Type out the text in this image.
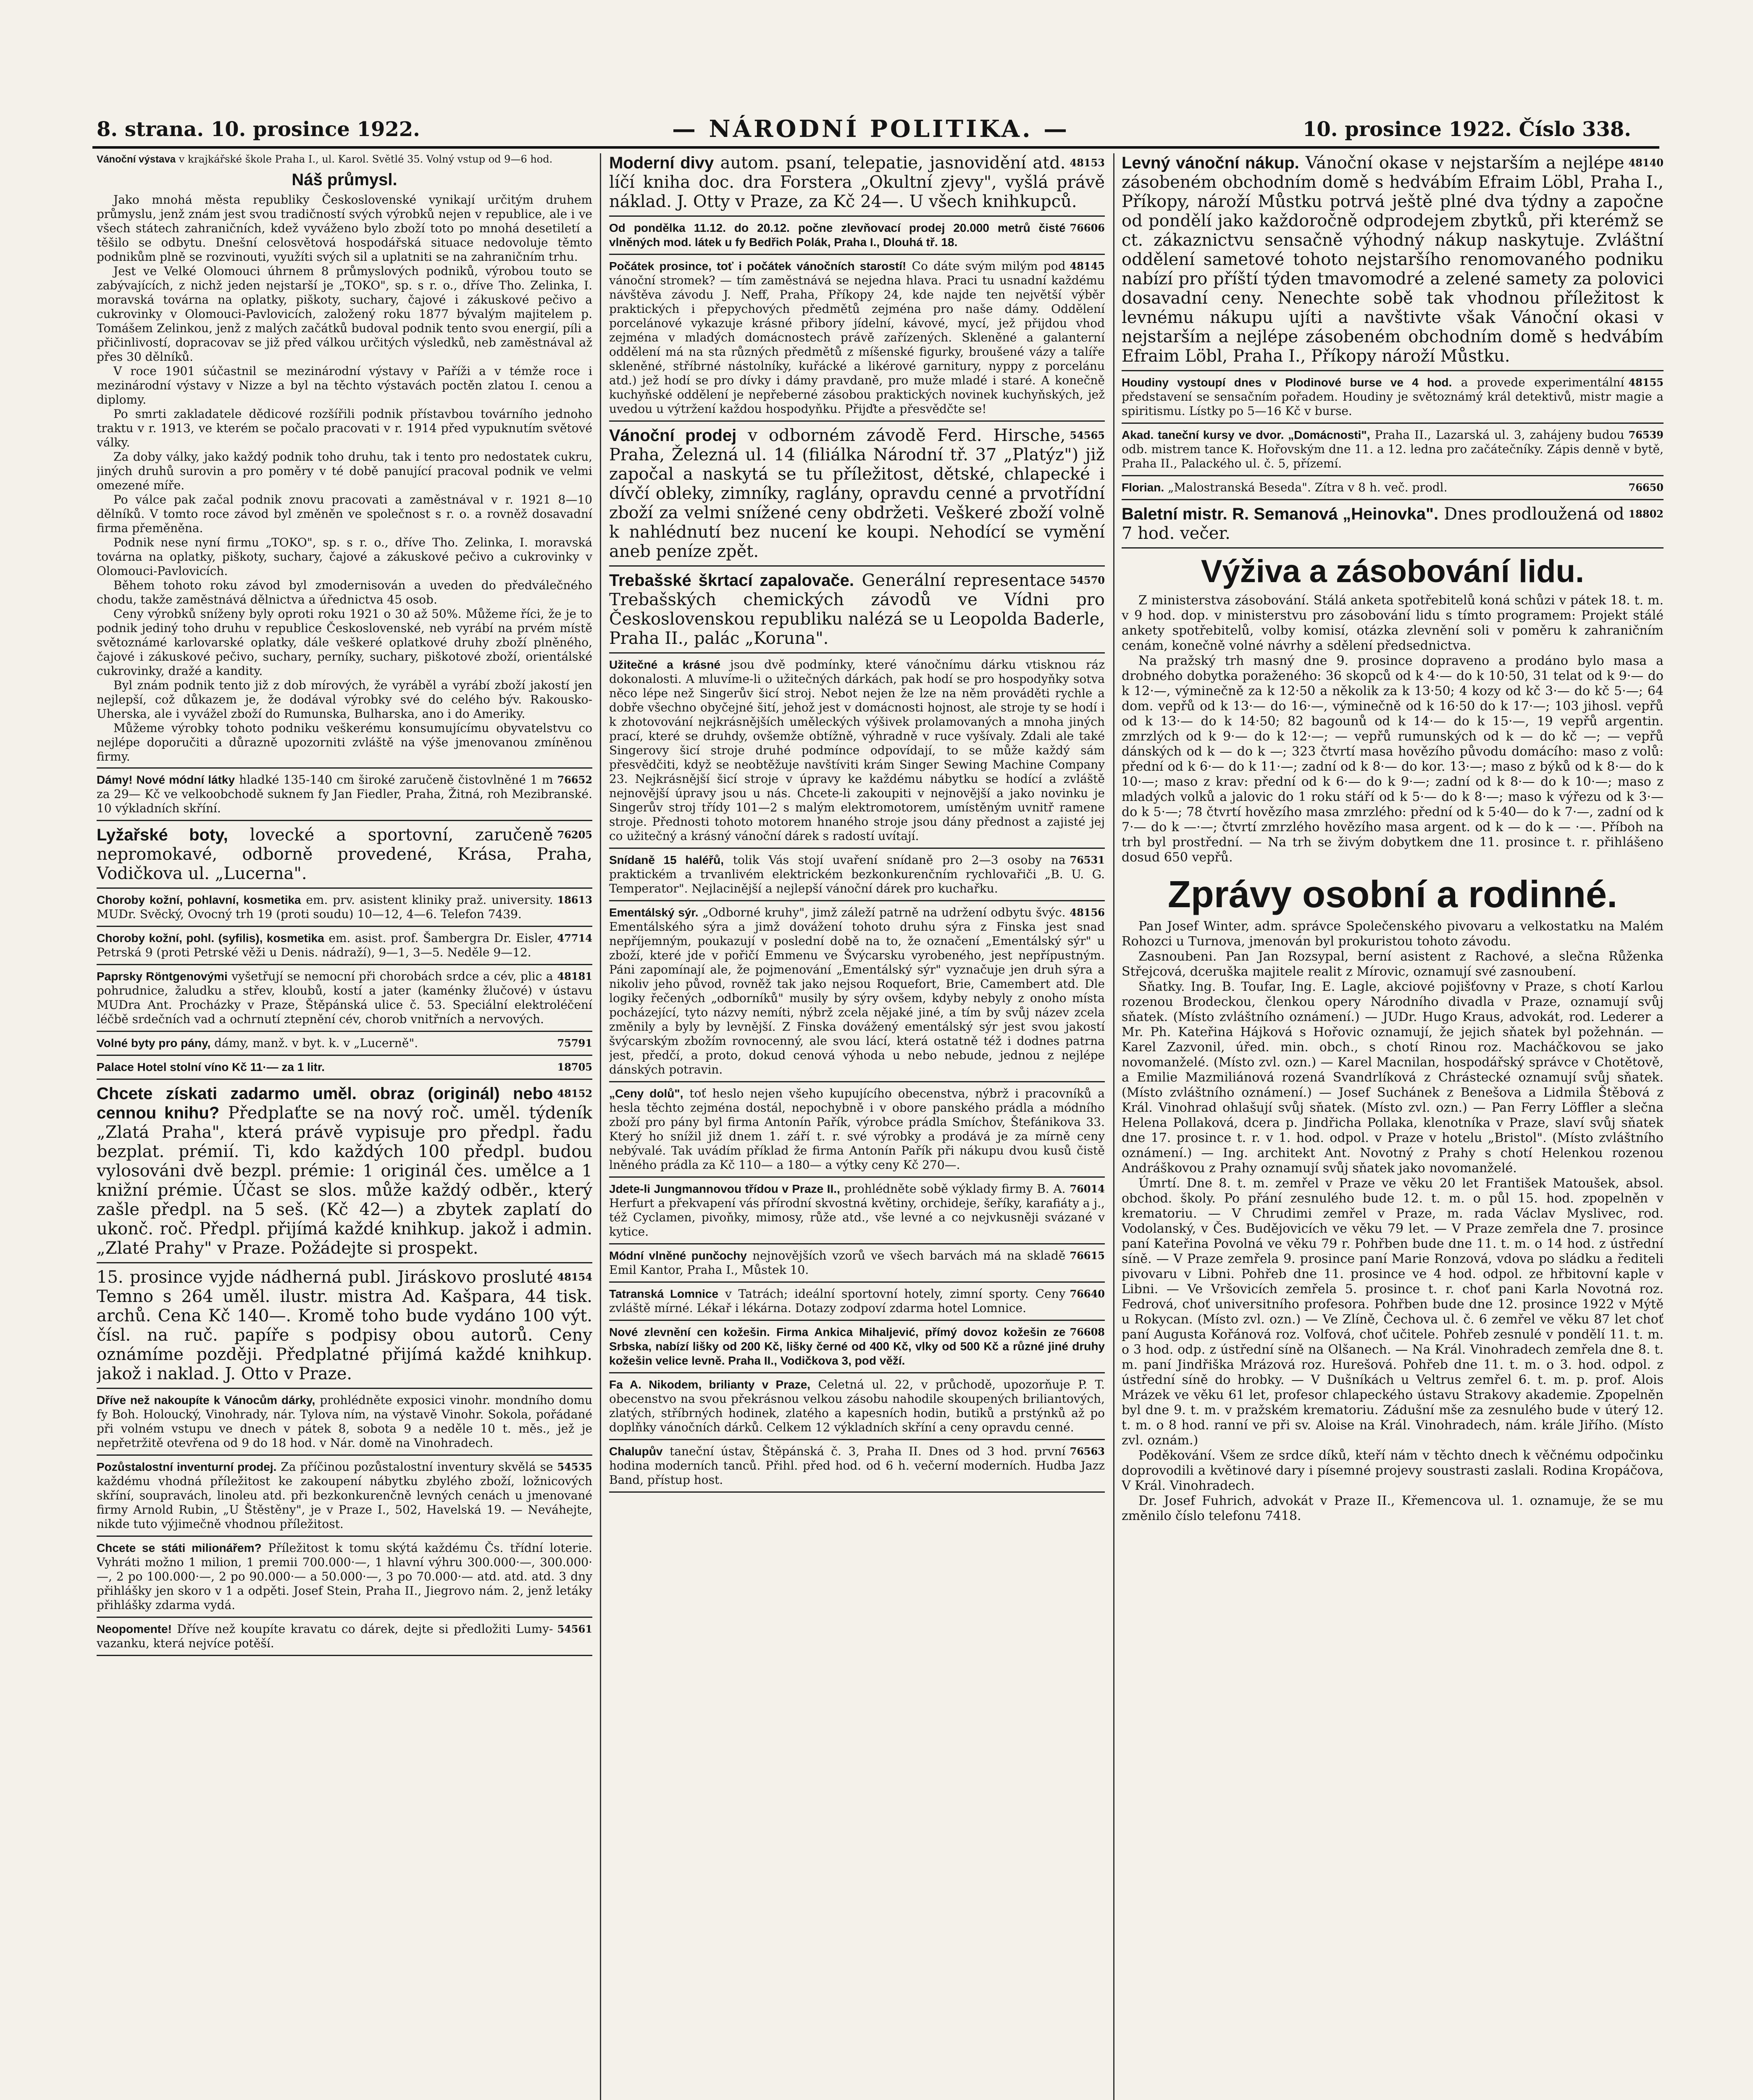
8. strana. 10. prosince 1922.	— NÁRODNÍ POLITIKA. —	10. prosince 1922. Číslo 338.

Vánoční výstava v krajkářské škole Praha I., ul. Karol. Světlé 35. Volný vstup od 9—6 hod.

Náš průmysl.

Jako mnohá města republiky Československé vynikají určitým druhem průmyslu, jenž znám jest svou tradičností svých výrobků nejen v republice, ale i ve všech státech zahraničních, kdež vyváženo bylo zboží toto po mnohá desetiletí a těšilo se odbytu. Dnešní celosvětová hospodářská situace nedovoluje těmto podnikům plně se rozvinouti, využíti svých sil a uplatniti se na zahraničním trhu.

Jest ve Velké Olomouci úhrnem 8 průmyslových podniků, výrobou touto se zabývajících, z nichž jeden nejstarší je „TOKO", sp. s r. o., dříve Tho. Zelinka, I. moravská továrna na oplatky, piškoty, suchary, čajové i zákuskové pečivo a cukrovinky v Olomouci-Pavlovicích, založený roku 1877 bývalým majitelem p. Tomášem Zelinkou, jenž z malých začátků budoval podnik tento svou energií, píli a přičinlivostí, dopracovav se již před válkou určitých výsledků, neb zaměstnával až přes 30 dělníků.

V roce 1901 súčastnil se mezinárodní výstavy v Paříži a v témže roce i mezinárodní výstavy v Nizze a byl na těchto výstavách poctěn zlatou I. cenou a diplomy.

Po smrti zakladatele dědicové rozšířili podnik přístavbou továrního jednoho traktu v r. 1913, ve kterém se počalo pracovati v r. 1914 před vypuknutím světové války.

Za doby války, jako každý podnik toho druhu, tak i tento pro nedostatek cukru, jiných druhů surovin a pro poměry v té době panující pracoval podnik ve velmi omezené míře.

Po válce pak začal podnik znovu pracovati a zaměstnával v r. 1921 8—10 dělníků. V tomto roce závod byl změněn ve společnost s r. o. a rovněž dosavadní firma přeměněna.

Podnik nese nyní firmu „TOKO", sp. s r. o., dříve Tho. Zelinka, I. moravská továrna na oplatky, piškoty, suchary, čajové a zákuskové pečivo a cukrovinky v Olomouci-Pavlovicích.

Během tohoto roku závod byl zmodernisován a uveden do předválečného chodu, takže zaměstnává dělnictva a úřednictva 45 osob.

Ceny výrobků sníženy byly oproti roku 1921 o 30 až 50%. Můžeme říci, že je to podnik jediný toho druhu v republice Československé, neb vyrábí na prvém místě světoznámé karlovarské oplatky, dále veškeré oplatkové druhy zboží plněného, čajové i zákuskové pečivo, suchary, perníky, suchary, piškotové zboží, orientálské cukrovinky, dražé a kandity.

Byl znám podnik tento již z dob mírových, že vyráběl a vyrábí zboží jakostí jen nejlepší, což důkazem je, že dodával výrobky své do celého býv. Rakousko-Uherska, ale i vyvážel zboží do Rumunska, Bulharska, ano i do Ameriky.

Můžeme výrobky tohoto podniku veškerému konsumujícímu obyvatelstvu co nejlépe doporučiti a důrazně upozorniti zvláště na výše jmenovanou zmíněnou firmy.

76652
Dámy! Nové módní látky hladké 135-140 cm široké zaručeně čistovlněné 1 m za 29— Kč ve velkoobchodě suknem fy Jan Fiedler, Praha, Žitná, roh Mezibranské. 10 výkladních skříní.

76205
Lyžařské boty, lovecké a sportovní, zaručeně nepromokavé, odborně provedené, Krása, Praha, Vodičkova ul. „Lucerna".

18613
Choroby kožní, pohlavní, kosmetika em. prv. asistent kliniky praž. university. MUDr. Svěcký, Ovocný trh 19 (proti soudu) 10—12, 4—6. Telefon 7439.

47714
Choroby kožní, pohl. (syfilis), kosmetika em. asist. prof. Šambergra Dr. Eisler, Petrská 9 (proti Petrské věži u Denis. nádraží), 9—1, 3—5. Neděle 9—12.

48181
Paprsky Röntgenovými vyšetřují se nemocní při chorobách srdce a cév, plic a pohrudnice, žaludku a střev, kloubů, kostí a jater (kaménky žlučové) v ústavu MUDra Ant. Procházky v Praze, Štěpánská ulice č. 53. Speciální elektroléčení léčbě srdečních vad a ochrnutí ztepnění cév, chorob vnitřních a nervových.

75791
Volné byty pro pány, dámy, manž. v byt. k. v „Lucerně".

18705
Palace Hotel stolní víno Kč 11·— za 1 litr.

48152
Chcete získati zadarmo uměl. obraz (originál) nebo cennou knihu? Předplaťte se na nový roč. uměl. týdeník „Zlatá Praha", která právě vypisuje pro předpl. řadu bezplat. prémií. Ti, kdo každých 100 předpl. budou vylosováni dvě bezpl. prémie: 1 originál čes. umělce a 1 knižní prémie. Účast se slos. může každý odběr., který zašle předpl. na 5 seš. (Kč 42—) a zbytek zaplatí do ukonč. roč. Předpl. přijímá každé knihkup. jakož i admin. „Zlaté Prahy" v Praze. Požádejte si prospekt.

48154
15. prosince vyjde nádherná publ. Jiráskovo prosluté Temno s 264 uměl. ilustr. mistra Ad. Kašpara, 44 tisk. archů. Cena Kč 140—. Kromě toho bude vydáno 100 výt. čísl. na ruč. papíře s podpisy obou autorů. Ceny oznámíme později. Předplatné přijímá každé knihkup. jakož i naklad. J. Otto v Praze.

Dříve než nakoupíte k Vánocům dárky, prohlédněte exposici vinohr. mondního domu fy Boh. Holoucký, Vinohrady, nár. Tylova ním, na výstavě Vinohr. Sokola, pořádané při volném vstupu ve dnech v pátek 8, sobota 9 a neděle 10 t. měs., jež je nepřetržitě otevřena od 9 do 18 hod. v Nár. domě na Vinohradech.

54535
Pozůstalostní inventurní prodej. Za příčinou pozůstalostní inventury skvělá se každému vhodná příležitost ke zakoupení nábytku zbylého zboží, ložnicových skříní, soupravách, linoleu atd. při bezkonkurenčně levných cenách u jmenované firmy Arnold Rubin, „U Štěstěny", je v Praze I., 502, Havelská 19. — Neváhejte, nikde tuto výjimečně vhodnou příležitost.

Chcete se státi milionářem? Příležitost k tomu skýtá každému Čs. třídní loterie. Vyhráti možno 1 milion, 1 premii 700.000·—, 1 hlavní výhru 300.000·—, 300.000·—, 2 po 100.000·—, 2 po 90.000·— a 50.000·—, 3 po 70.000·— atd. atd. atd. 3 dny přihlášky jen skoro v 1 a odpěti. Josef Stein, Praha II., Jiegrovo nám. 2, jenž letáky přihlášky zdarma vydá.

54561
Neopomente! Dříve než koupíte kravatu co dárek, dejte si předložiti Lumy-vazanku, která nejvíce potěší.

48153
Moderní divy autom. psaní, telepatie, jasnovidění atd. líčí kniha doc. dra Forstera „Okultní zjevy", vyšlá právě náklad. J. Otty v Praze, za Kč 24—. U všech knihkupců.

76606
Od pondělka 11.12. do 20.12. počne zlevňovací prodej 20.000 metrů čisté vlněných mod. látek u fy Bedřich Polák, Praha I., Dlouhá tř. 18.

48145
Počátek prosince, toť i počátek vánočních starostí! Co dáte svým milým pod vánoční stromek? — tím zaměstnává se nejedna hlava. Praci tu usnadní každému návštěva závodu J. Neff, Praha, Příkopy 24, kde najde ten největší výběr praktických i přepychových předmětů zejména pro naše dámy. Oddělení porcelánové vykazuje krásné přibory jídelní, kávové, mycí, jež přijdou vhod zejména v mladých domácnostech právě zařízených. Skleněné a galanterní oddělení má na sta různých předmětů z míšenské figurky, broušené vázy a talíře skleněné, stříbrné nástolníky, kuřácké a likérové garnitury, nyppy z porcelánu atd.) jež hodí se pro dívky i dámy pravdaně, pro muže mladé i staré. A konečně kuchyňské oddělení je nepřeberné zásobou praktických novinek kuchyňských, jež uvedou u výtržení každou hospodyňku. Přijďte a přesvědčte se!

54565
Vánoční prodej v odborném závodě Ferd. Hirsche, Praha, Železná ul. 14 (filiálka Národní tř. 37 „Platýz") již započal a naskytá se tu příležitost, dětské, chlapecké i dívčí obleky, zimníky, raglány, opravdu cenné a prvotřídní zboží za velmi snížené ceny obdržeti. Veškeré zboží volně k nahlédnutí bez nucení ke koupi. Nehodící se vymění aneb peníze zpět.

54570
Trebašské škrtací zapalovače. Generální representace Trebašských chemických závodů ve Vídni pro Československou republiku nalézá se u Leopolda Baderle, Praha II., palác „Koruna".

Užitečné a krásné jsou dvě podmínky, které vánočnímu dárku vtisknou ráz dokonalosti. A mluvíme-li o užitečných dárkách, pak hodí se pro hospodyňky sotva něco lépe než Singerův šicí stroj. Nebot nejen že lze na něm prováděti rychle a dobře všechno obyčejné šití, jehož jest v domácnosti hojnost, ale stroje ty se hodí i k zhotovování nejkrásnějších uměleckých výšivek prolamovaných a mnoha jiných prací, které se druhdy, ovšemže obtížně, výhradně v ruce vyšívaly. Zdali ale také Singerovy šicí stroje druhé podmínce odpovídají, to se může každý sám přesvědčiti, když se neobtěžuje navštíviti krám Singer Sewing Machine Company 23. Nejkrásnější šicí stroje v úpravy ke každému nábytku se hodící a zvláště nejnovější úpravy jsou u nás. Chcete-li zakoupiti v nejnovější a jako novinku je Singerův stroj třídy 101—2 s malým elektromotorem, umístěným uvnitř ramene stroje. Přednosti tohoto motorem hnaného stroje jsou dány přednost a zajisté jej co užitečný a krásný vánoční dárek s radostí uvítají.

76531
Snídaně 15 haléřů, tolik Vás stojí uvaření snídaně pro 2—3 osoby na praktickém a trvanlivém elektrickém bezkonkurenčním rychlovařiči „B. U. G. Temperator". Nejlacinější a nejlepší vánoční dárek pro kuchařku.

48156
Ementálský sýr. „Odborné kruhy", jimž záleží patrně na udržení odbytu švýc. Ementálského sýra a jimž dovážení tohoto druhu sýra z Finska jest snad nepříjemným, poukazují v poslední době na to, že označení „Ementálský sýr" u zboží, které jde v pořičí Emmenu ve Švýcarsku vyrobeného, jest nepřípustným. Páni zapomínají ale, že pojmenování „Ementálský sýr" vyznačuje jen druh sýra a nikoliv jeho původ, rovněž tak jako nejsou Roquefort, Brie, Camembert atd. Dle logiky řečených „odborníků" musily by sýry ovšem, kdyby nebyly z onoho místa pocházející, tyto názvy nemíti, nýbrž zcela nějaké jiné, a tím by svůj název zcela změnily a byly by levnější. Z Finska dovážený ementálský sýr jest svou jakostí švýcarským zbožím rovnocenný, ale svou lácí, která ostatně též i dodnes patrna jest, předčí, a proto, dokud cenová výhoda u nebo nebude, jednou z nejlépe dánských potravin.

„Ceny dolů", toť heslo nejen všeho kupujícího obecenstva, nýbrž i pracovníků a hesla těchto zejména dostál, nepochybně i v obore panského prádla a módního zboží pro pány byl firma Antonín Pařík, výrobce prádla Smíchov, Štefánikova 33. Který ho snížil již dnem 1. září t. r. své výrobky a prodává je za mírně ceny nebývalé. Tak uvádím příklad že firma Antonín Pařík při nákupu dvou kusů čistě lněného prádla za Kč 110— a 180— a výtky ceny Kč 270—.

76014
Jdete-li Jungmannovou třídou v Praze II., prohlédněte sobě výklady firmy B. A. Herfurt a překvapení vás přírodní skvostná květiny, orchideje, šeříky, karafiáty a j., též Cyclamen, pivoňky, mimosy, růže atd., vše levné a co nejvkusněji svázané v kytice.

76615
Módní vlněné punčochy nejnovějších vzorů ve všech barvách má na skladě Emil Kantor, Praha I., Můstek 10.

76640
Tatranská Lomnice v Tatrách; ideální sportovní hotely, zimní sporty. Ceny zvláště mírné. Lékař i lékárna. Dotazy zodpoví zdarma hotel Lomnice.

76608
Nové zlevnění cen kožešin. Firma Ankica Mihaljević, přímý dovoz kožešin ze Srbska, nabízí lišky od 200 Kč, lišky černé od 400 Kč, vlky od 500 Kč a různé jiné druhy kožešin velice levně. Praha II., Vodičkova 3, pod věží.

Fa A. Nikodem, brilianty v Praze, Celetná ul. 22, v průchodě, upozorňuje P. T. obecenstvo na svou překrásnou velkou zásobu nahodile skoupených briliantových, zlatých, stříbrných hodinek, zlatého a kapesních hodin, butiků a prstýnků až po doplňky vánočních dárků. Celkem 12 výkladních skříní a ceny opravdu cenné.

76563
Chalupův taneční ústav, Štěpánská č. 3, Praha II. Dnes od 3 hod. první hodina moderních tanců. Přihl. před hod. od 6 h. večerní moderních. Hudba Jazz Band, přístup host.

48140
Levný vánoční nákup. Vánoční okase v nejstarším a nejlépe zásobeném obchodním domě s hedvábím Efraim Löbl, Praha I., Příkopy, nároží Můstku potrvá ještě plné dva týdny a započne od pondělí jako každoročně odprodejem zbytků, při kterémž se ct. zákaznictvu sensačně výhodný nákup naskytuje. Zvláštní oddělení sametové tohoto nejstaršího renomovaného podniku nabízí pro příští týden tmavomodré a zelené samety za polovici dosavadní ceny. Nenechte sobě tak vhodnou příležitost k levnému nákupu ujíti a navštivte však Vánoční okasi v nejstarším a nejlépe zásobeném obchodním domě s hedvábím Efraim Löbl, Praha I., Příkopy nároží Můstku.

48155
Houdiny vystoupí dnes v Plodinové burse ve 4 hod. a provede experimentální představení se sensačním pořadem. Houdiny je světoznámý král detektivů, mistr magie a spiritismu. Lístky po 5—16 Kč v burse.

76539
Akad. taneční kursy ve dvor. „Domácnosti", Praha II., Lazarská ul. 3, zahájeny budou odb. mistrem tance K. Hořovským dne 11. a 12. ledna pro začátečníky. Zápis denně v bytě, Praha II., Palackého ul. č. 5, přízemí.

76650
Florian. „Malostranská Beseda". Zítra v 8 h. več. prodl.

18802
Baletní mistr. R. Semanová „Heinovka". Dnes prodloužená od 7 hod. večer.

Výživa a zásobování lidu.

Z ministerstva zásobování. Stálá anketa spotřebitelů koná schůzi v pátek 18. t. m. v 9 hod. dop. v ministerstvu pro zásobování lidu s tímto programem: Projekt stálé ankety spotřebitelů, volby komisí, otázka zlevnění soli v poměru k zahraničním cenám, konečně volné návrhy a sdělení předsednictva.

Na pražský trh masný dne 9. prosince dopraveno a prodáno bylo masa a drobného dobytka poraženého: 36 skopců od k 4·— do k 10·50, 31 telat od k 9·— do k 12·—, výminečně za k 12·50 a několik za k 13·50; 4 kozy od kč 3·— do kč 5·—; 64 dom. vepřů od k 13·— do 16·—, výminečně od k 16·50 do k 17·—; 103 jihosl. vepřů od k 13·— do k 14·50; 82 bagounů od k 14·— do k 15·—, 19 vepřů argentin. zmrzlých od k 9·— do k 12·—; — vepřů rumunských od k — do kč —; — vepřů dánských od k — do k —; 323 čtvrtí masa hovězího původu domácího: maso z volů: přední od k 6·— do k 11·—; zadní od k 8·— do kor. 13·—; maso z býků od k 8·— do k 10·—; maso z krav: přední od k 6·— do k 9·—; zadní od k 8·— do k 10·—; maso z mladých volků a jalovic do 1 roku stáří od k 5·— do k 8·—; maso k výřezu od k 3·— do k 5·—; 78 čtvrtí hovězího masa zmrzlého: přední od k 5·40— do k 7·—, zadní od k 7·— do k —·—; čtvrtí zmrzlého hovězího masa argent. od k — do k — ·—. Příboh na trh byl prostřední. — Na trh se živým dobytkem dne 11. prosince t. r. přihlášeno dosud 650 vepřů.

Zprávy osobní a rodinné.

Pan Josef Winter, adm. správce Společenského pivovaru a velkostatku na Malém Rohozci u Turnova, jmenován byl prokuristou tohoto závodu.

Zasnoubeni. Pan Jan Rozsypal, berní asistent z Rachové, a slečna Růženka Střejcová, dceruška majitele realit z Mírovic, oznamují své zasnoubení.

Sňatky. Ing. B. Toufar, Ing. E. Lagle, akciové pojišťovny v Praze, s chotí Karlou rozenou Brodeckou, členkou opery Národního divadla v Praze, oznamují svůj sňatek. (Místo zvláštního oznámení.) — JUDr. Hugo Kraus, advokát, rod. Lederer a Mr. Ph. Kateřina Hájková s Hořovic oznamují, že jejich sňatek byl požehnán. — Karel Zazvonil, úřed. min. obch., s chotí Rinou roz. Macháčkovou se jako novomanželé. (Místo zvl. ozn.) — Karel Macnilan, hospodářský správce v Chotětově, a Emilie Mazmiliánová rozená Svandrlíková z Chrástecké oznamují svůj sňatek. (Místo zvláštního oznámení.) — Josef Suchánek z Benešova a Lidmila Štěbová z Král. Vinohrad ohlašují svůj sňatek. (Místo zvl. ozn.) — Pan Ferry Löffler a slečna Helena Pollaková, dcera p. Jindřicha Pollaka, klenotníka v Praze, slaví svůj sňatek dne 17. prosince t. r. v 1. hod. odpol. v Praze v hotelu „Bristol". (Místo zvláštního oznámení.) — Ing. architekt Ant. Novotný z Prahy s chotí Helenkou rozenou Andráškovou z Prahy oznamují svůj sňatek jako novomanželé.

Úmrtí. Dne 8. t. m. zemřel v Praze ve věku 20 let František Matoušek, absol. obchod. školy. Po přání zesnulého bude 12. t. m. o půl 15. hod. zpopelněn v krematoriu. — V Chrudimi zemřel v Praze, m. rada Václav Myslivec, rod. Vodolanský, v Čes. Budějovicích ve věku 79 let. — V Praze zemřela dne 7. prosince paní Kateřina Povolná ve věku 79 r. Pohřben bude dne 11. t. m. o 14 hod. z ústřední síně. — V Praze zemřela 9. prosince paní Marie Ronzová, vdova po sládku a řediteli pivovaru v Libni. Pohřeb dne 11. prosince ve 4 hod. odpol. ze hřbitovní kaple v Libni. — Ve Vršovicích zemřela 5. prosince t. r. choť pani Karla Novotná roz. Fedrová, choť universitního profesora. Pohřben bude dne 12. prosince 1922 v Mýtě u Rokycan. (Místo zvl. ozn.) — Ve Zlíně, Čechova ul. č. 6 zemřel ve věku 87 let choť paní Augusta Kořánová roz. Volfová, choť učitele. Pohřeb zesnulé v pondělí 11. t. m. o 3 hod. odp. z ústřední síně na Olšanech. — Na Král. Vinohradech zemřela dne 8. t. m. paní Jindřiška Mrázová roz. Hurešová. Pohřeb dne 11. t. m. o 3. hod. odpol. z ústřední síně do hrobky. — V Dušníkách u Veltrus zemřel 6. t. m. p. prof. Alois Mrázek ve věku 61 let, profesor chlapeckého ústavu Strakovy akademie. Zpopelněn byl dne 9. t. m. v pražském krematoriu. Zádušní mše za zesnulého bude v úterý 12. t. m. o 8 hod. ranní ve při sv. Aloise na Král. Vinohradech, nám. krále Jiřího. (Místo zvl. oznám.)

Poděkování. Všem ze srdce díků, kteří nám v těchto dnech k věčnému odpočinku doprovodili a květinové dary i písemné projevy soustrasti zaslali. Rodina Kropáčova, V Král. Vinohradech.

Dr. Josef Fuhrich, advokát v Praze II., Křemencova ul. 1. oznamuje, že se mu změnilo číslo telefonu 7418.
